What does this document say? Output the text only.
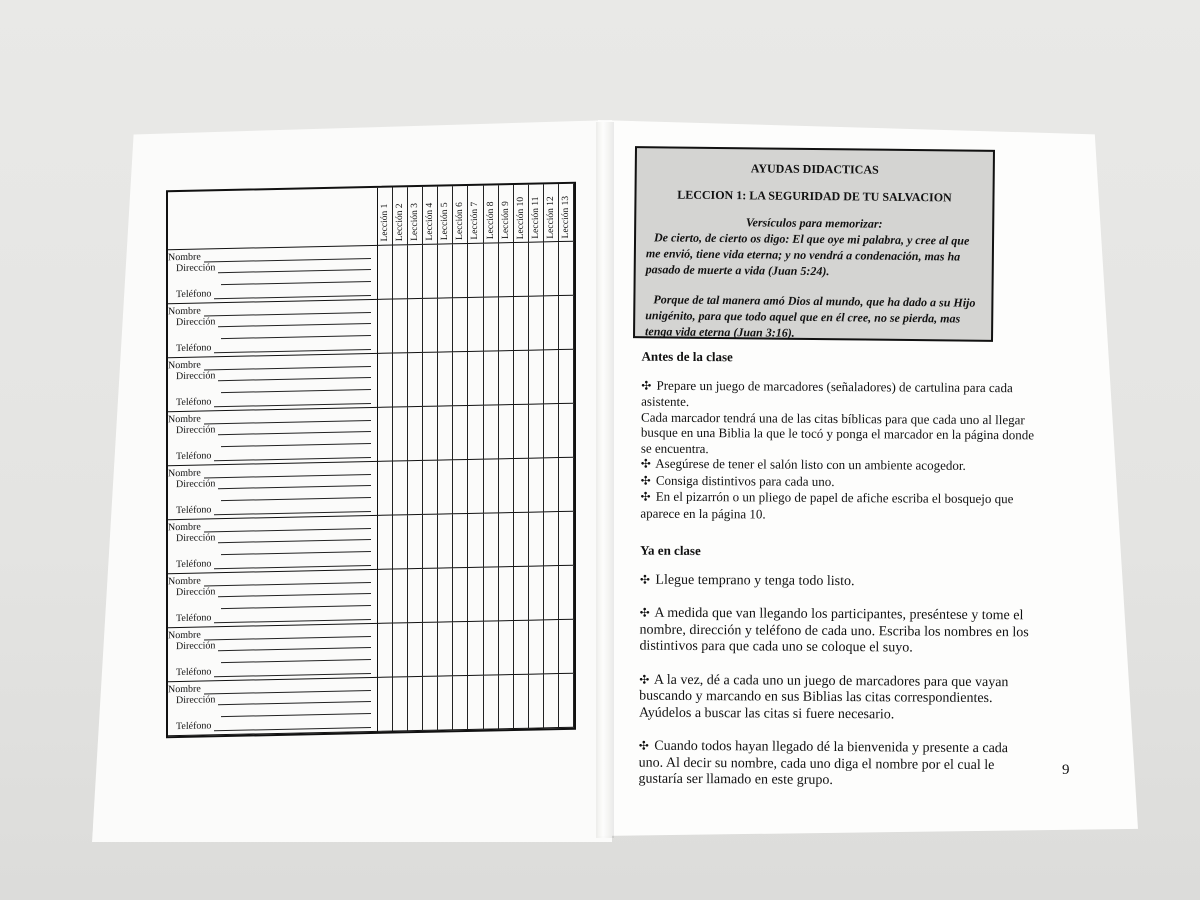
Lección 1 Lección 2 Lección 3 Lección 4 Lección 5 Lección 6 Lección 7 Lección 8 Lección 9 Lección 10 Lección 11 Lección 12 Lección 13
Nombre
Dirección
Teléfono
Nombre
Dirección
Teléfono
Nombre
Dirección
Teléfono
Nombre
Dirección
Teléfono
Nombre
Dirección
Teléfono
Nombre
Dirección
Teléfono
Nombre
Dirección
Teléfono
Nombre
Dirección
Teléfono
Nombre
Dirección
Teléfono
AYUDAS DIDACTICAS
LECCION 1: LA SEGURIDAD DE TU SALVACION
Versículos para memorizar:

De cierto, de cierto os digo: El que oye mi palabra, y cree al que me envió, tiene vida eterna; y no vendrá a condenación, mas ha pasado de muerte a vida (Juan 5:24).

Porque de tal manera amó Dios al mundo, que ha dado a su Hijo unigénito, para que todo aquel que en él cree, no se pierda, mas tenga vida eterna (Juan 3:16).

Antes de la clase

✣ Prepare un juego de marcadores (señaladores) de cartulina para cada asistente.

Cada marcador tendrá una de las citas bíblicas para que cada uno al llegar busque en una Biblia la que le tocó y ponga el marcador en la página donde se encuentra.

✣ Asegúrese de tener el salón listo con un ambiente acogedor.

✣ Consiga distintivos para cada uno.

✣ En el pizarrón o un pliego de papel de afiche escriba el bosquejo que aparece en la página 10.

Ya en clase

✣ Llegue temprano y tenga todo listo.

✣ A medida que van llegando los participantes, preséntese y tome el nombre, dirección y teléfono de cada uno. Escriba los nombres en los distintivos para que cada uno se coloque el suyo.

✣ A la vez, dé a cada uno un juego de marcadores para que vayan buscando y marcando en sus Biblias las citas correspondientes. Ayúdelos a buscar las citas si fuere necesario.

✣ Cuando todos hayan llegado dé la bienvenida y presente a cada uno. Al decir su nombre, cada uno diga el nombre por el cual le gustaría ser llamado en este grupo.

9
